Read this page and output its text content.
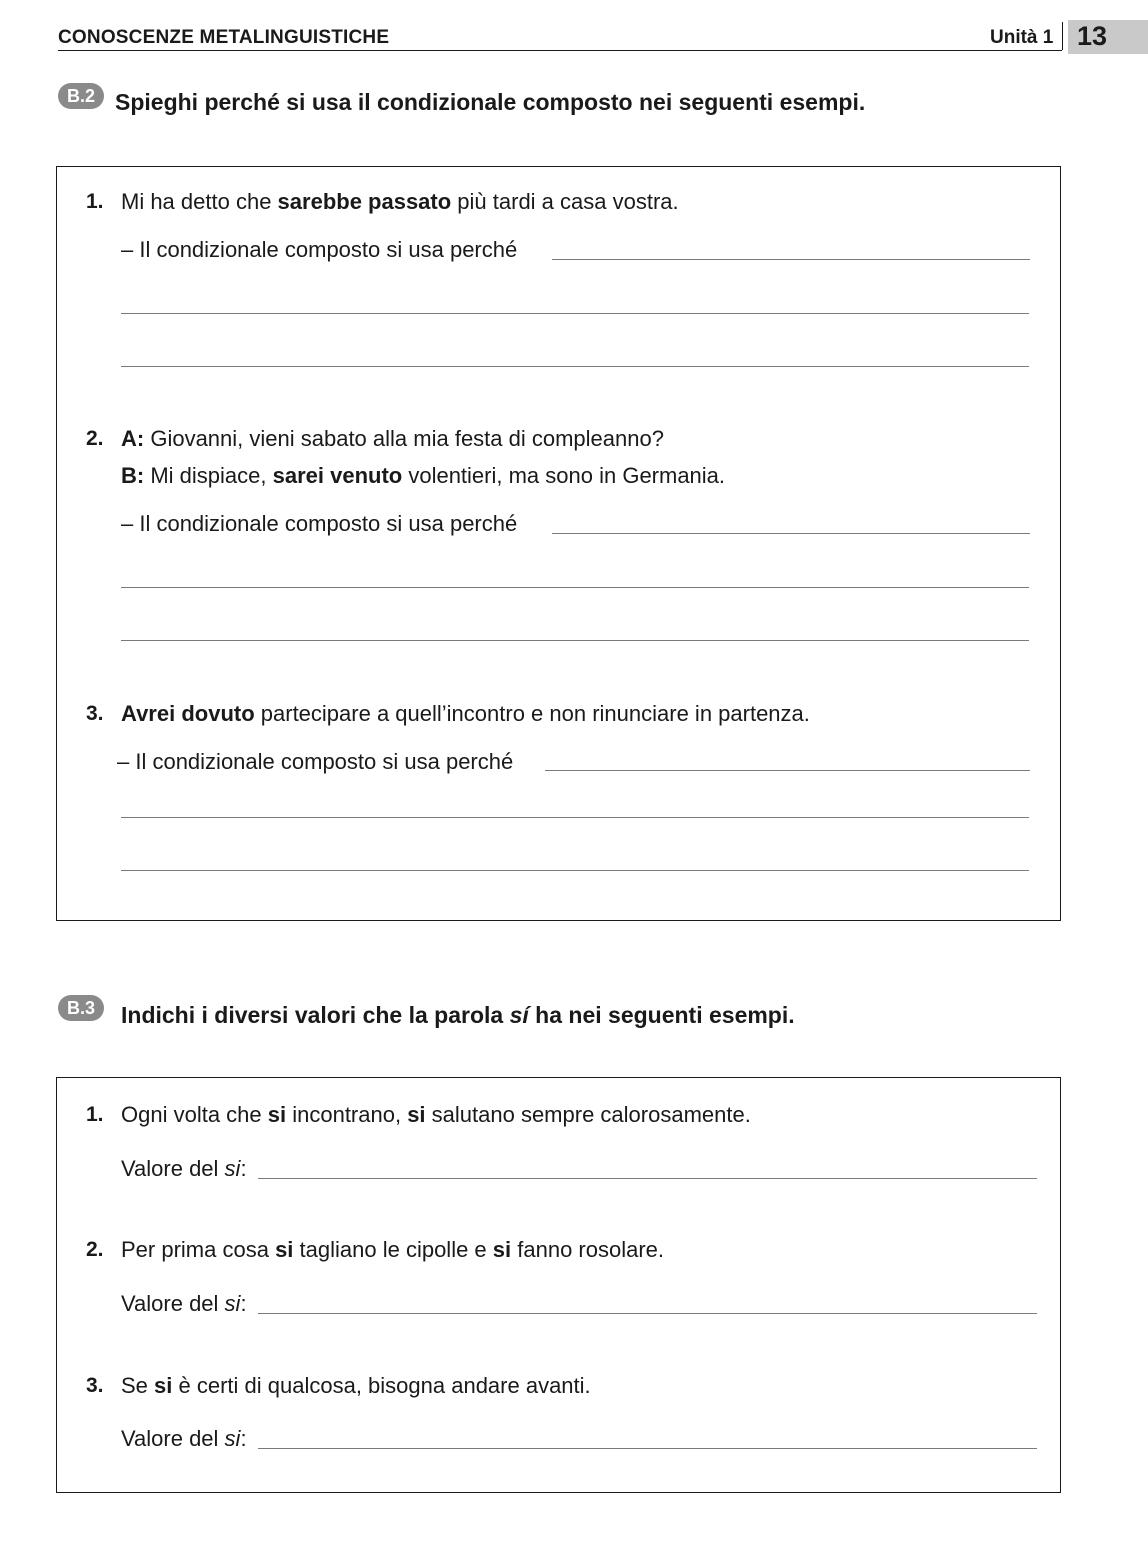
CONOSCENZE METALINGUISTICHE	Unità 1 13
B.2 Spieghi perché si usa il condizionale composto nei seguenti esempi.
1. Mi ha detto che sarebbe passato più tardi a casa vostra.
– Il condizionale composto si usa perché
2. A: Giovanni, vieni sabato alla mia festa di compleanno?
B: Mi dispiace, sarei venuto volentieri, ma sono in Germania.
– Il condizionale composto si usa perché
3. Avrei dovuto partecipare a quell’incontro e non rinunciare in partenza.
– Il condizionale composto si usa perché
B.3	Indichi i diversi valori che la parola sí ha nei seguenti esempi.
1. Ogni volta che si incontrano, si salutano sempre calorosamente.
Valore del si:
2. Per prima cosa si tagliano le cipolle e si fanno rosolare.
Valore del si:
3. Se si è certi di qualcosa, bisogna andare avanti.
Valore del si:
